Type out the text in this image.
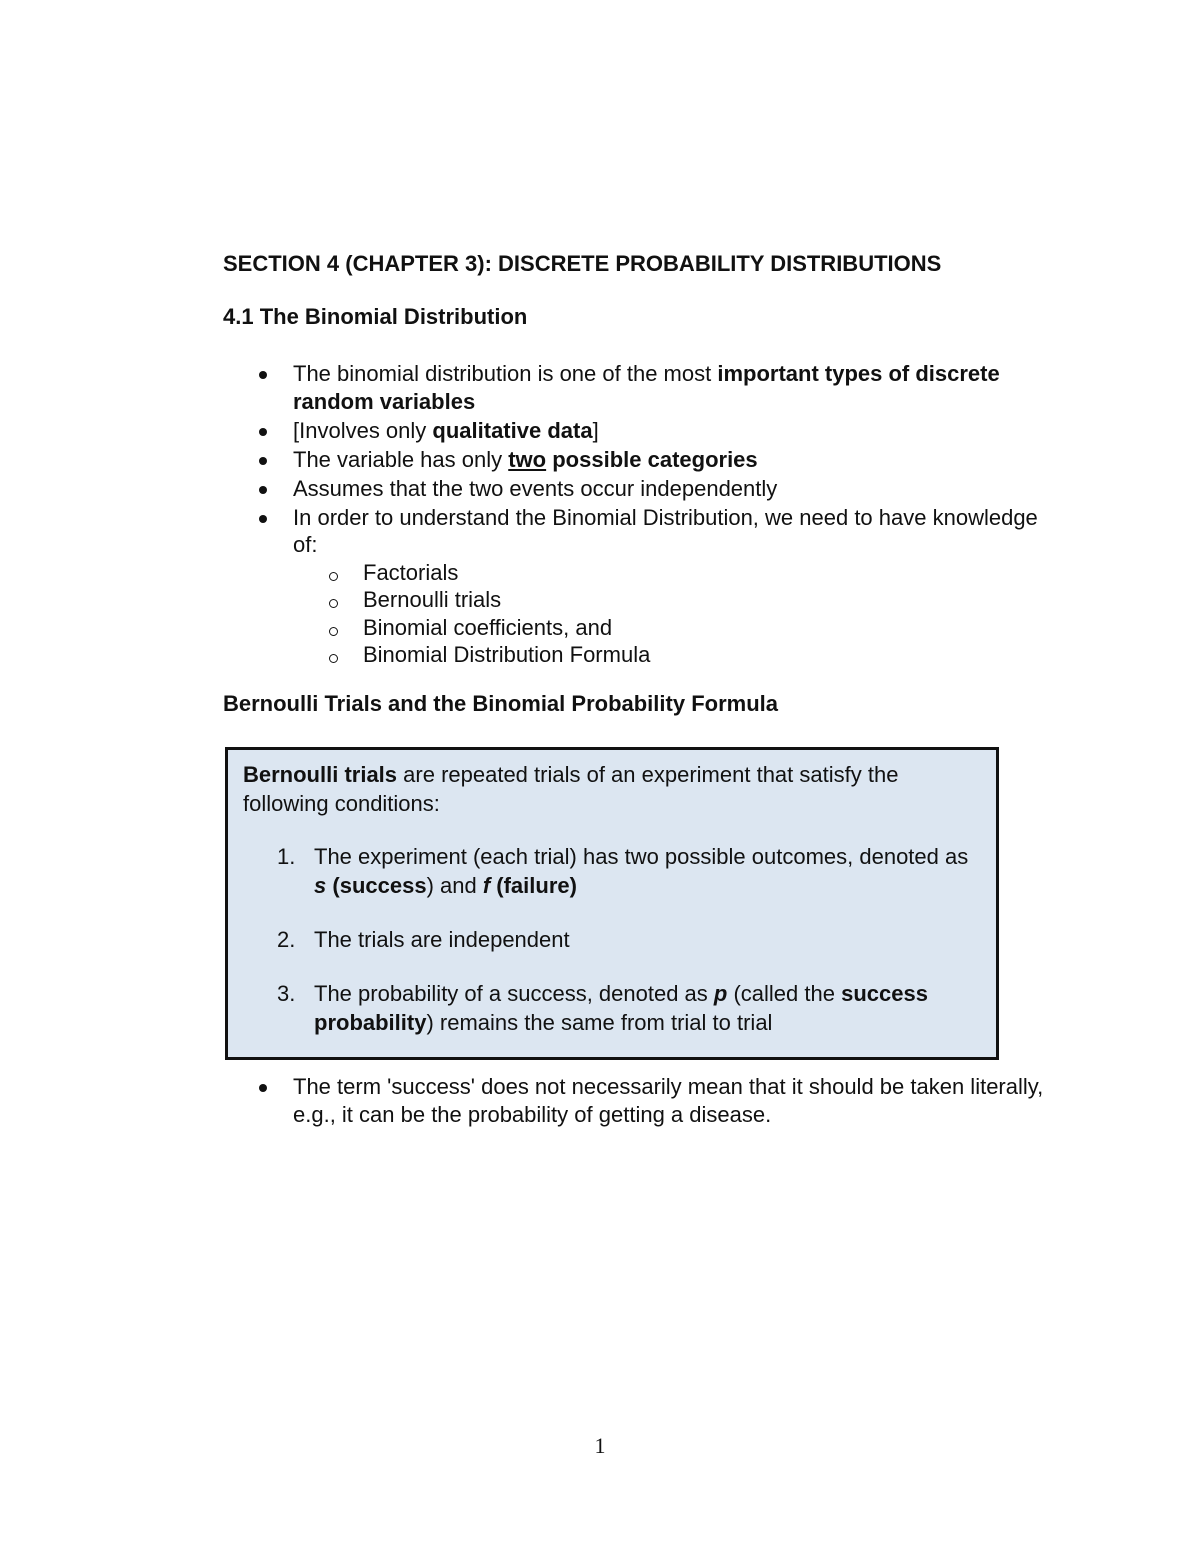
SECTION 4 (CHAPTER 3): DISCRETE PROBABILITY DISTRIBUTIONS
4.1 The Binomial Distribution
The binomial distribution is one of the most important types of discrete random variables
[Involves only qualitative data]
The variable has only two possible categories
Assumes that the two events occur independently
In order to understand the Binomial Distribution, we need to have knowledge of:
Factorials
Bernoulli trials
Binomial coefficients, and
Binomial Distribution Formula
Bernoulli Trials and the Binomial Probability Formula

Bernoulli trials are repeated trials of an experiment that satisfy the following conditions:

1. The experiment (each trial) has two possible outcomes, denoted as s (success) and f (failure)
2. The trials are independent
3. The probability of a success, denoted as p (called the success probability) remains the same from trial to trial
The term 'success' does not necessarily mean that it should be taken literally, e.g., it can be the probability of getting a disease.
1
